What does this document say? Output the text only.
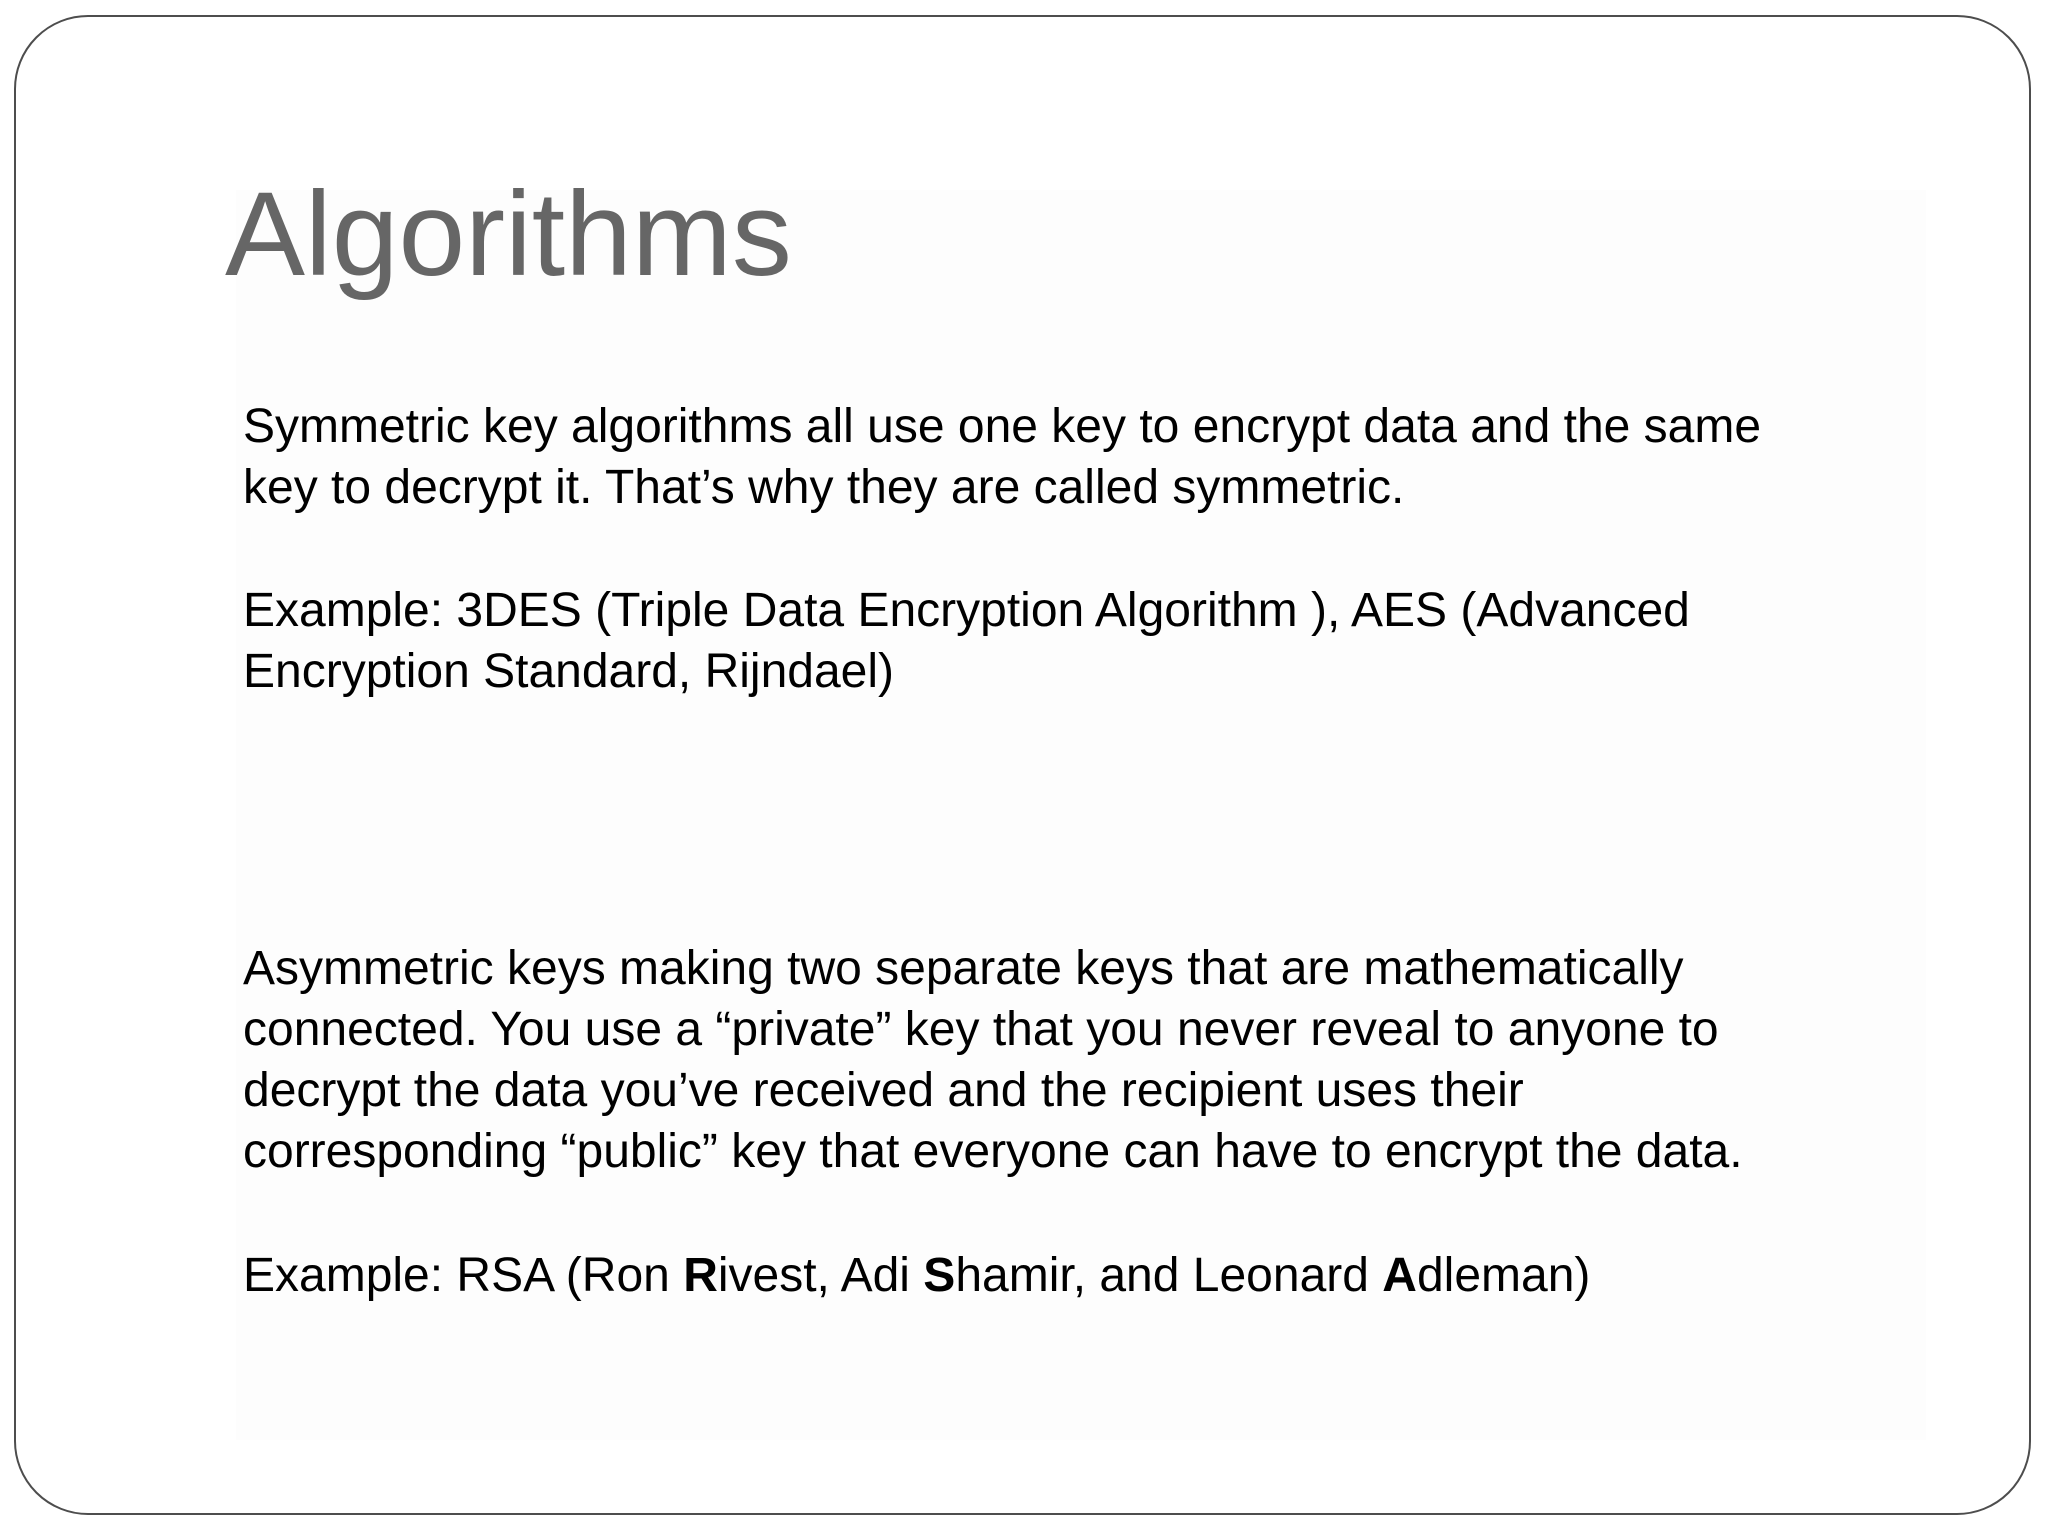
Algorithms

Symmetric key algorithms all use one key to encrypt data and the same
key to decrypt it. That’s why they are called symmetric.

Example: 3DES (Triple Data Encryption Algorithm ), AES (Advanced
Encryption Standard, Rijndael)

Asymmetric keys making two separate keys that are mathematically
connected. You use a “private” key that you never reveal to anyone to
decrypt the data you’ve received and the recipient uses their
corresponding “public” key that everyone can have to encrypt the data.

Example: RSA (Ron Rivest, Adi Shamir, and Leonard Adleman)
